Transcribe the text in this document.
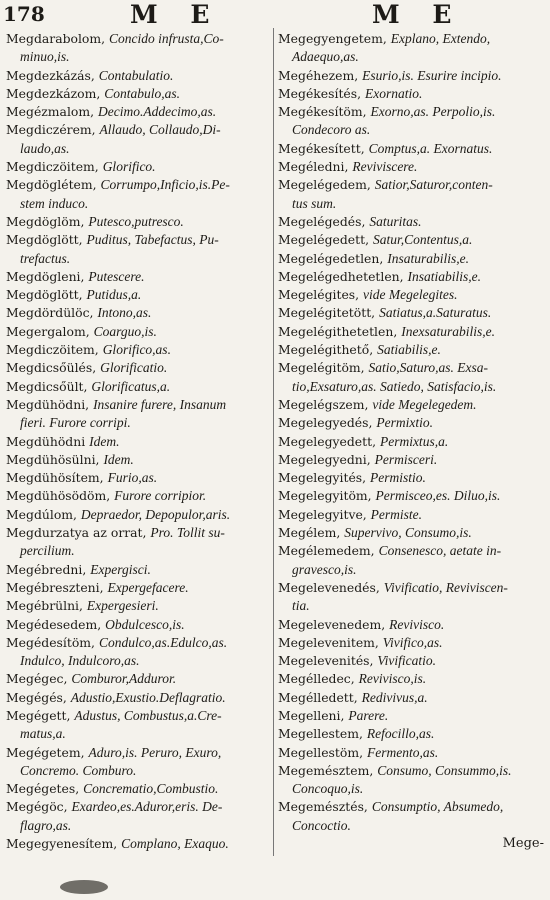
178	M E	M E
Megdarabolom, Concido infrusta,Co-
minuo,is.
Megdezkázás, Contabulatio.
Megdezkázom, Contabulo,as.
Megézmalom, Decimo.Addecimo,as.
Megdiczérem, Allaudo, Collaudo,Di-
laudo,as.
Megdiczöitem, Glorifico.
Megdöglétem, Corrumpo,Inficio,is.Pe-
stem induco.
Megdöglöm, Putesco,putresco.
Megdöglött, Puditus, Tabefactus, Pu-
trefactus.
Megdögleni, Putescere.
Megdöglött, Putidus,a.
Megdördülöc, Intono,as.
Megergalom, Coarguo,is.
Megdiczöitem, Glorifico,as.
Megdicsőülés, Glorificatio.
Megdicsőült, Glorificatus,a.
Megdühödni, Insanire furere, Insanum
fieri. Furore corripi.
Megdühödni Idem.
Megdühösülni, Idem.
Megdühösítem, Furio,as.
Megdühösödöm, Furore corripior.
Megdúlom, Depraedor, Depopulor,aris.
Megdurzatya az orrat, Pro. Tollit su-
percilium.
Megébredni, Expergisci.
Megébreszteni, Expergefacere.
Megébrülni, Expergesieri.
Megédesedem, Obdulcesco,is.
Megédesítöm, Condulco,as.Edulco,as.
Indulco, Indulcoro,as.
Megégec, Comburor,Adduror.
Megégés, Adustio,Exustio.Deflagratio.
Megégett, Adustus, Combustus,a.Cre-
matus,a.
Megégetem, Aduro,is. Peruro, Exuro,
Concremo. Comburo.
Megégetes, Concrematio,Combustio.
Megégöc, Exardeo,es.Aduror,eris. De-
flagro,as.
Megegyenesítem, Complano, Exaquo.
Megegyengetem, Explano, Extendo,
Adaequo,as.
Megéhezem, Esurio,is. Esurire incipio.
Megékesítés, Exornatio.
Megékesítöm, Exorno,as. Perpolio,is.
Condecoro as.
Megékesített, Comptus,a. Exornatus.
Megéledni, Reviviscere.
Megelégedem, Satior,Saturor,conten-
tus sum.
Megelégedés, Saturitas.
Megelégedett, Satur,Contentus,a.
Megelégedetlen, Insaturabilis,e.
Megelégedhetetlen, Insatiabilis,e.
Megelégites, vide Megelegites.
Megelégitetött, Satiatus,a.Saturatus.
Megelégithetetlen, Inexsaturabilis,e.
Megelégithető, Satiabilis,e.
Megelégitöm, Satio,Saturo,as. Exsa-
tio,Exsaturo,as. Satiedo, Satisfacio,is.
Megelégszem, vide Megelegedem.
Megelegyedés, Permixtio.
Megelegyedett, Permixtus,a.
Megelegyedni, Permisceri.
Megelegyités, Permistio.
Megelegyitöm, Permisceo,es. Diluo,is.
Megelegyitve, Permiste.
Megélem, Supervivo, Consumo,is.
Megélemedem, Consenesco, aetate in-
gravesco,is.
Megelevenedés, Vivificatio, Reviviscen-
tia.
Megelevenedem, Revivisco.
Megelevenitem, Vivifico,as.
Megelevenités, Vivificatio.
Megélledec, Revivisco,is.
Megélledett, Redivivus,a.
Megelleni, Parere.
Megellestem, Refocillo,as.
Megellestöm, Fermento,as.
Megemésztem, Consumo, Consummo,is.
Concoquo,is.
Megemésztés, Consumptio, Absumedo,
Concoctio.
Mege-
